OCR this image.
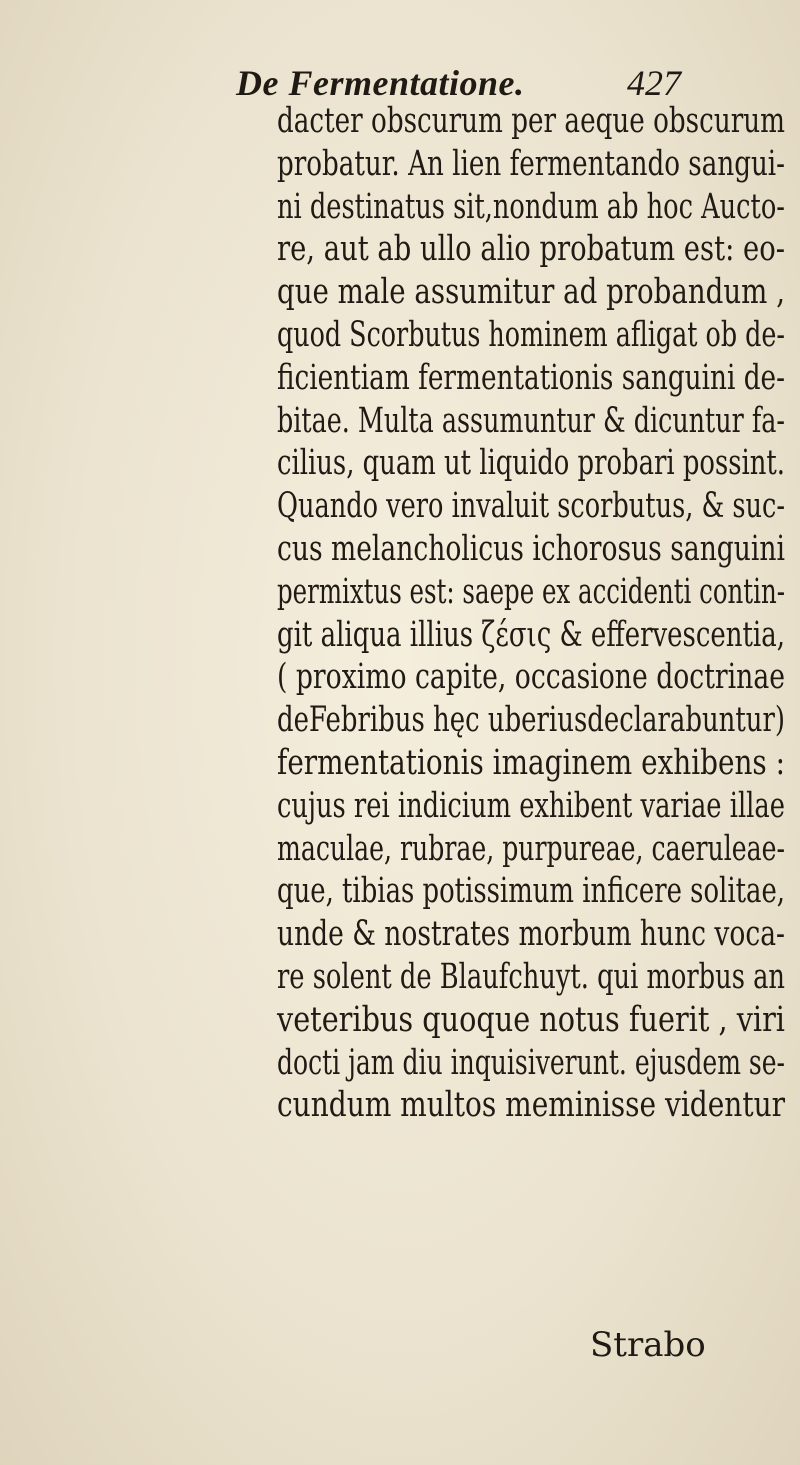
De Fermentatione.	427
dacter obscurum per aeque obscurum
probatur. An lien fermentando sangui-
ni destinatus sit,nondum ab hoc Aucto-
re, aut ab ullo alio probatum est: eo-
que male assumitur ad probandum ,
quod Scorbutus hominem afligat ob de-
ficientiam fermentationis sanguini de-
bitae. Multa assumuntur & dicuntur fa-
cilius, quam ut liquido probari possint.
Quando vero invaluit scorbutus, & suc-
cus melancholicus ichorosus sanguini
permixtus est: saepe ex accidenti contin-
git aliqua illius ζέσις & effervescentia,
( proximo capite, occasione doctrinae
deFebribus hęc uberiusdeclarabuntur)
fermentationis imaginem exhibens :
cujus rei indicium exhibent variae illae
maculae, rubrae, purpureae, caeruleae-
que, tibias potissimum inficere solitae,
unde & nostrates morbum hunc voca-
re solent de Blaufchuyt. qui morbus an
veteribus quoque notus fuerit , viri
docti jam diu inquisiverunt. ejusdem se-
cundum multos meminisse videntur
Strabo
